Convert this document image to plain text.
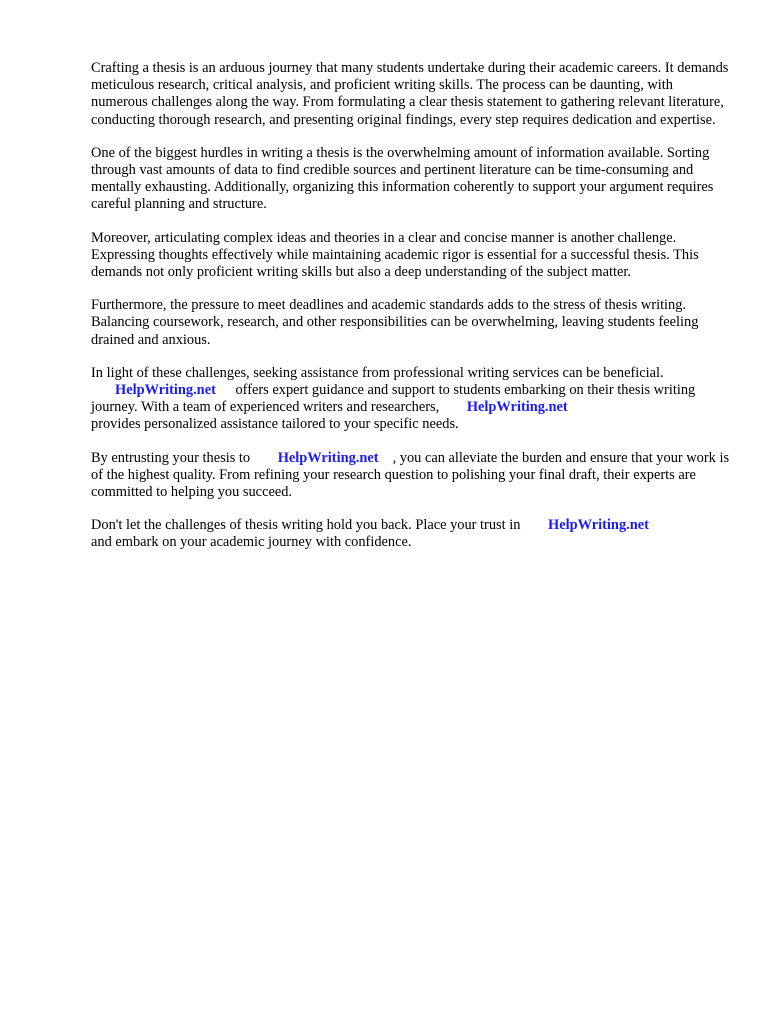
Crafting a thesis is an arduous journey that many students undertake during their academic careers. It demands meticulous research, critical analysis, and proficient writing skills. The process can be daunting, with numerous challenges along the way. From formulating a clear thesis statement to gathering relevant literature, conducting thorough research, and presenting original findings, every step requires dedication and expertise.

One of the biggest hurdles in writing a thesis is the overwhelming amount of information available. Sorting through vast amounts of data to find credible sources and pertinent literature can be time-consuming and mentally exhausting. Additionally, organizing this information coherently to support your argument requires careful planning and structure.

Moreover, articulating complex ideas and theories in a clear and concise manner is another challenge. Expressing thoughts effectively while maintaining academic rigor is essential for a successful thesis. This demands not only proficient writing skills but also a deep understanding of the subject matter.

Furthermore, the pressure to meet deadlines and academic standards adds to the stress of thesis writing. Balancing coursework, research, and other responsibilities can be overwhelming, leaving students feeling drained and anxious.

In light of these challenges, seeking assistance from professional writing services can be beneficial.
HelpWriting.net offers expert guidance and support to students embarking on their thesis writing journey. With a team of experienced writers and researchers, HelpWriting.net
provides personalized assistance tailored to your specific needs.

By entrusting your thesis to HelpWriting.net , you can alleviate the burden and ensure that your work is of the highest quality. From refining your research question to polishing your final draft, their experts are committed to helping you succeed.

Don't let the challenges of thesis writing hold you back. Place your trust in HelpWriting.net
and embark on your academic journey with confidence.
